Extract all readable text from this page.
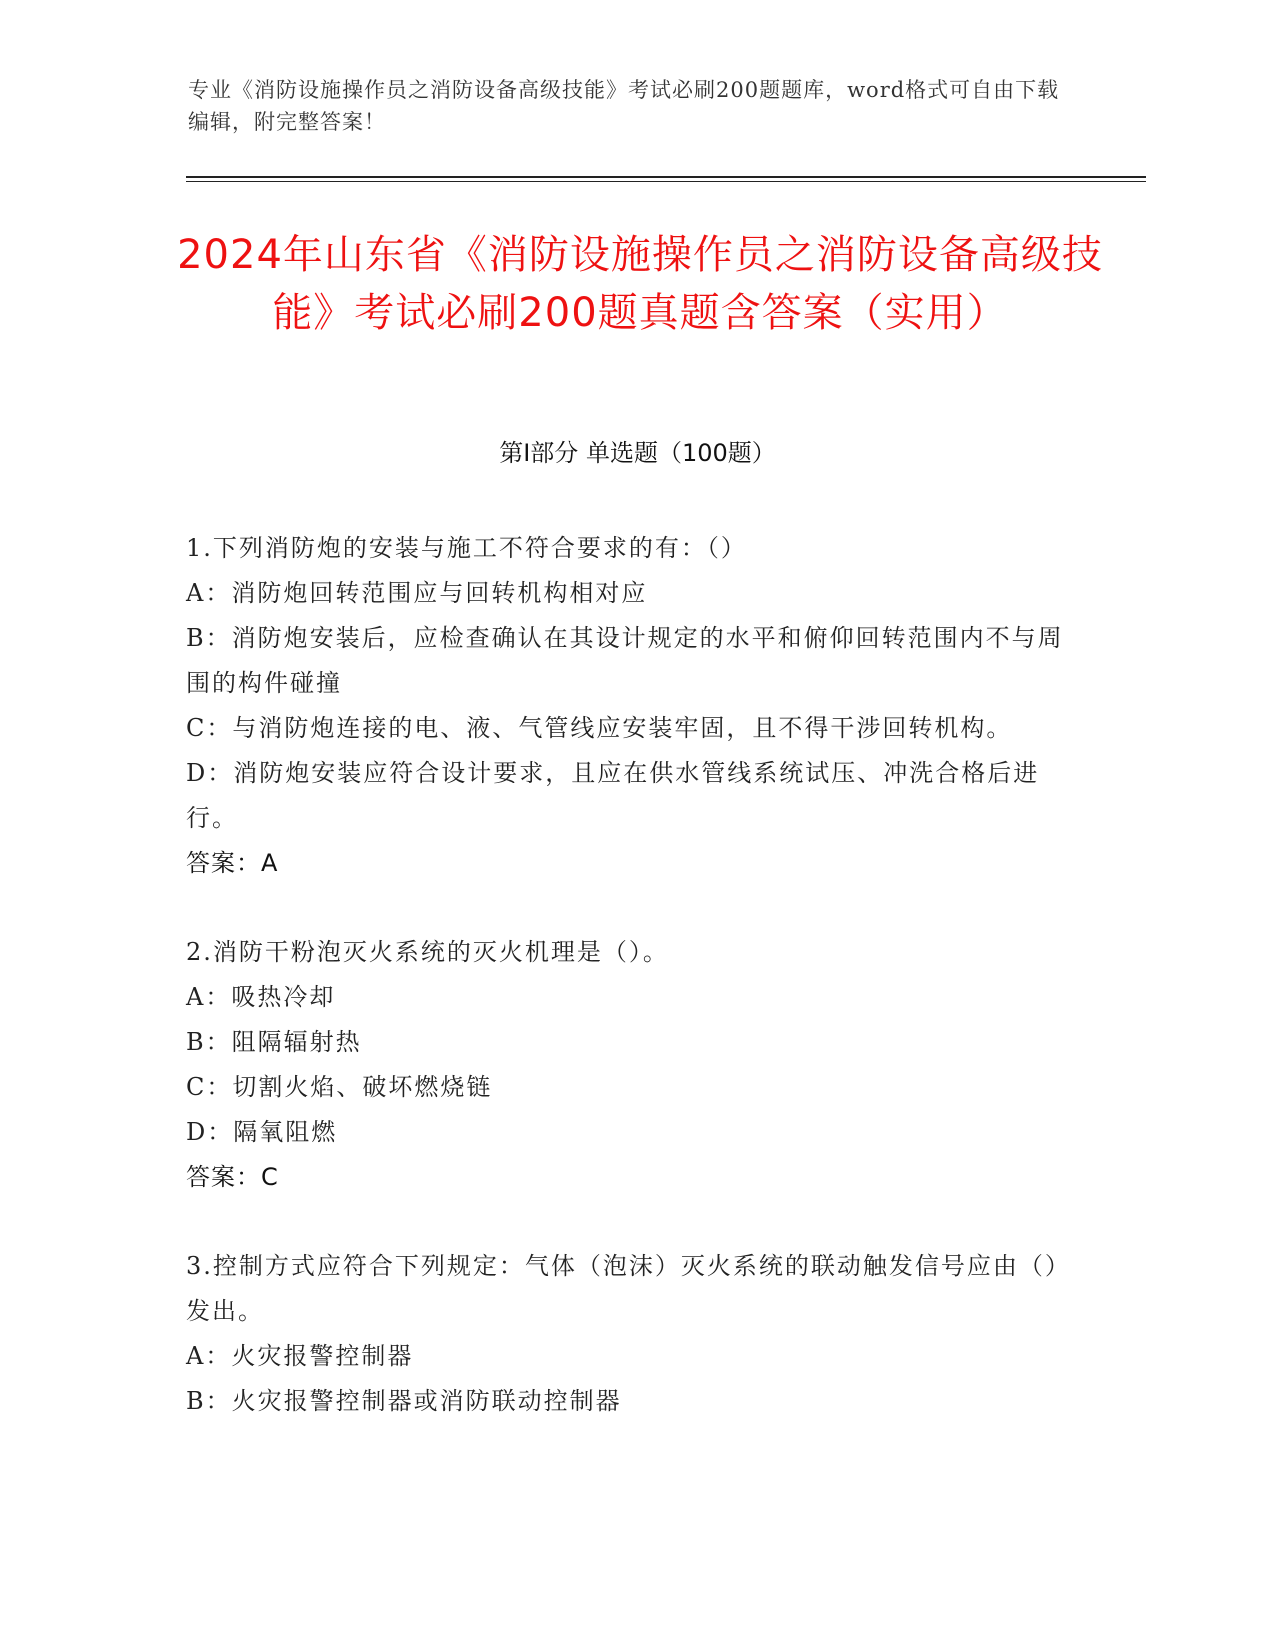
专业《消防设施操作员之消防设备高级技能》考试必刷200题题库，word格式可自由下载编辑，附完整答案！
2024年山东省《消防设施操作员之消防设备高级技能》考试必刷200题真题含答案（实用）
第I部分 单选题（100题）
1.下列消防炮的安装与施工不符合要求的有：（）
A：消防炮回转范围应与回转机构相对应
B：消防炮安装后，应检查确认在其设计规定的水平和俯仰回转范围内不与周围的构件碰撞
C：与消防炮连接的电、液、气管线应安装牢固，且不得干涉回转机构。
D：消防炮安装应符合设计要求，且应在供水管线系统试压、冲洗合格后进行。
答案：A
2.消防干粉泡灭火系统的灭火机理是（）。
A：吸热冷却
B：阻隔辐射热
C：切割火焰、破坏燃烧链
D：隔氧阻燃
答案：C
3.控制方式应符合下列规定：气体（泡沫）灭火系统的联动触发信号应由（）发出。
A：火灾报警控制器
B：火灾报警控制器或消防联动控制器
